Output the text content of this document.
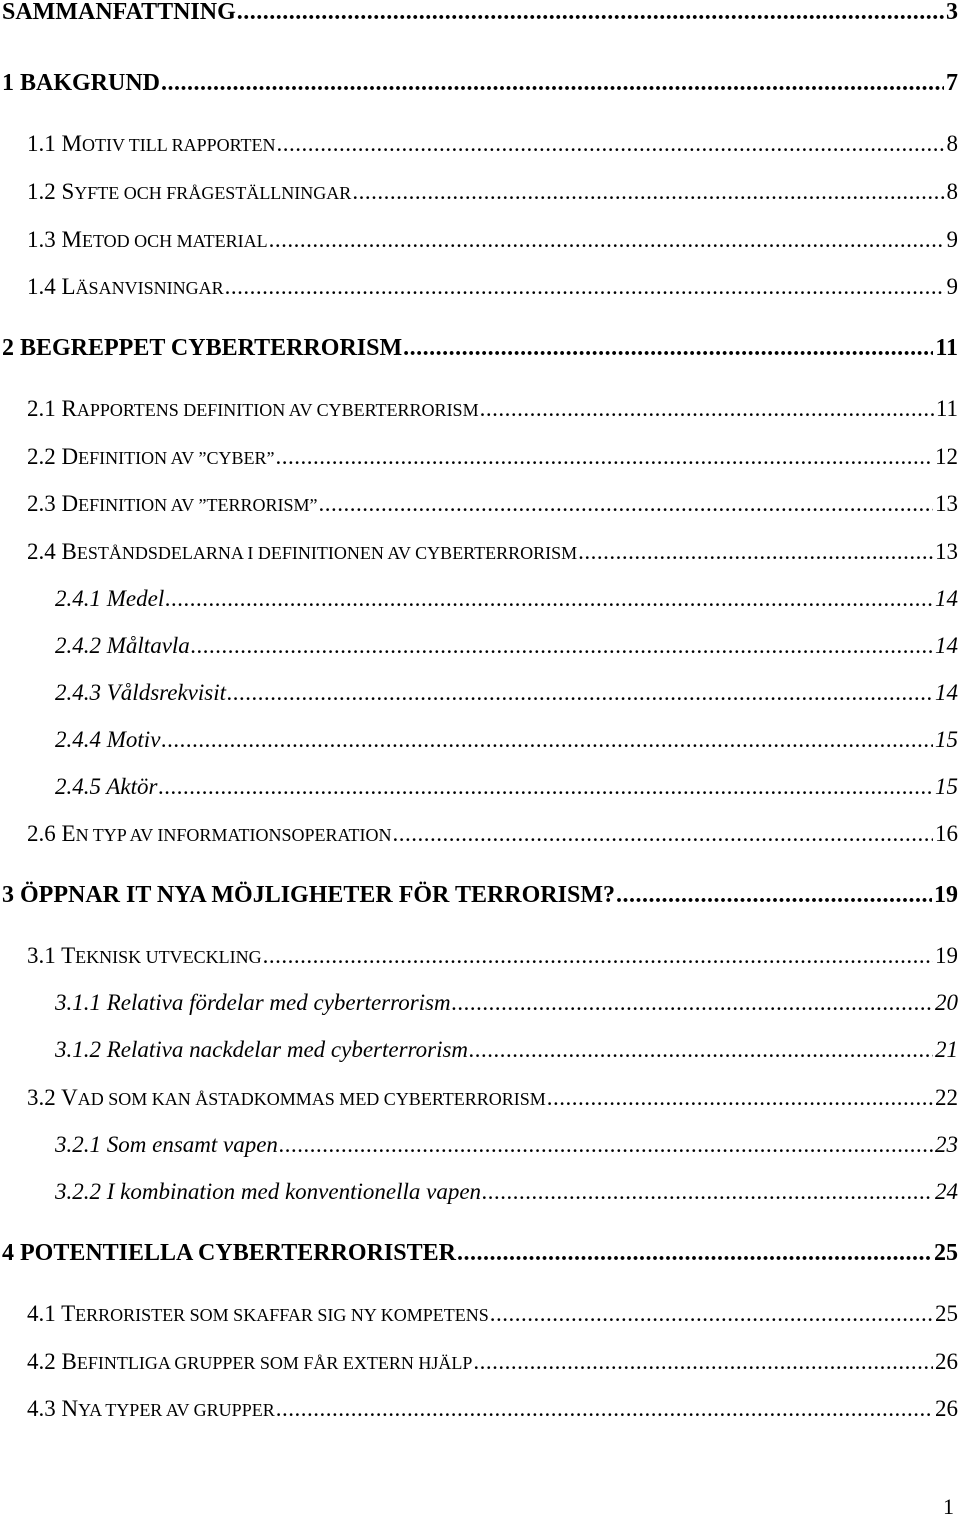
SAMMANFATTNING .....	3
1 BAKGRUND .....	7
1.1 MOTIV TILL RAPPORTEN .....	8
1.2 SYFTE OCH FRÅGESTÄLLNINGAR .....	8
1.3 METOD OCH MATERIAL .....	9
1.4 LÄSANVISNINGAR .....	9
2 BEGREPPET CYBERTERRORISM .....	11
2.1 RAPPORTENS DEFINITION AV CYBERTERRORISM .....	11
2.2 DEFINITION AV ”CYBER” .....	12
2.3 DEFINITION AV ”TERRORISM” .....	13
2.4 BESTÅNDSDELARNA I DEFINITIONEN AV CYBERTERRORISM .....	13
2.4.1 Medel .....	14
2.4.2 Måltavla .....	14
2.4.3 Våldsrekvisit .....	14
2.4.4 Motiv .....	15
2.4.5 Aktör .....	15
2.6 EN TYP AV INFORMATIONSOPERATION .....	16
3 ÖPPNAR IT NYA MÖJLIGHETER FÖR TERRORISM? .....	19
3.1 TEKNISK UTVECKLING .....	19
3.1.1 Relativa fördelar med cyberterrorism .....	20
3.1.2 Relativa nackdelar med cyberterrorism .....	21
3.2 VAD SOM KAN ÅSTADKOMMAS MED CYBERTERRORISM .....	22
3.2.1 Som ensamt vapen .....	23
3.2.2 I kombination med konventionella vapen .....	24
4 POTENTIELLA CYBERTERRORISTER .....	25
4.1 TERRORISTER SOM SKAFFAR SIG NY KOMPETENS .....	25
4.2 BEFINTLIGA GRUPPER SOM FÅR EXTERN HJÄLP .....	26
4.3 NYA TYPER AV GRUPPER .....	26
1
